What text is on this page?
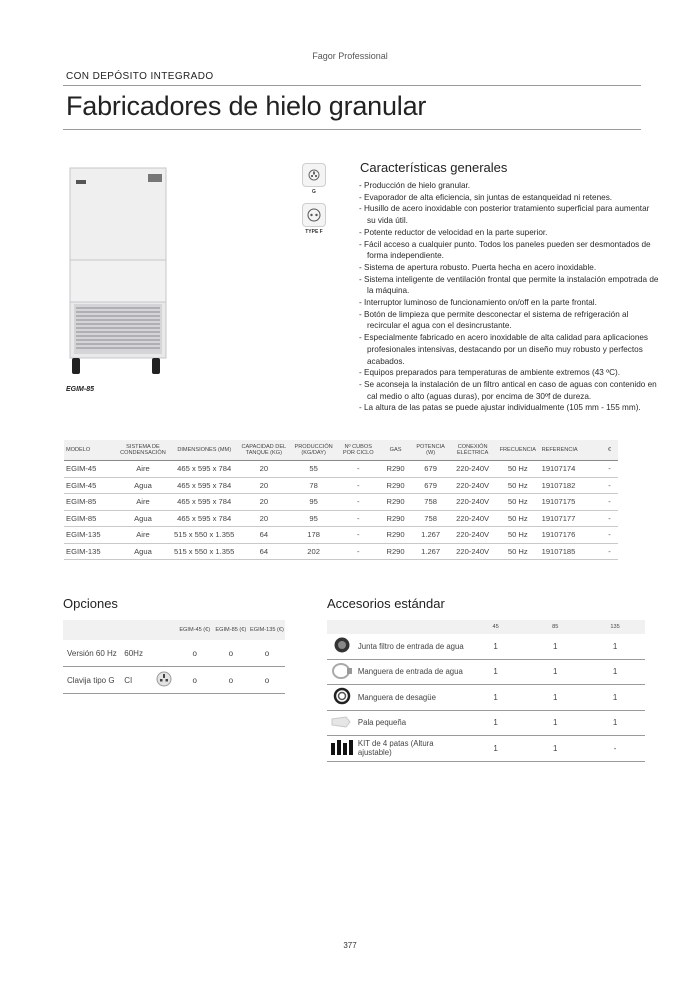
Fagor Professional
CON DEPÓSITO INTEGRADO
Fabricadores de hielo granular
EGIM-85
G
TYPE F
Características generales
- Producción de hielo granular.
- Evaporador de alta eficiencia, sin juntas de estanqueidad ni retenes.
- Husillo de acero inoxidable con posterior tratamiento superficial para aumentar su vida útil.
- Potente reductor de velocidad en la parte superior.
- Fácil acceso a cualquier punto. Todos los paneles pueden ser desmontados de forma independiente.
- Sistema de apertura robusto. Puerta hecha en acero inoxidable.
- Sistema inteligente de ventilación frontal que permite la instalación empotrada de la máquina.
- Interruptor luminoso de funcionamiento on/off en la parte frontal.
- Botón de limpieza que permite desconectar el sistema de refrigeración al recircular el agua con el desincrustante.
- Especialmente fabricado en acero inoxidable de alta calidad para aplicaciones profesionales intensivas, destacando por un diseño muy robusto y perfectos acabados.
- Equipos preparados para temperaturas de ambiente extremos (43 ºC).
- Se aconseja la instalación de un filtro antical en caso de aguas con contenido en cal medio o alto (aguas duras), por encima de 30ºf de dureza.
- La altura de las patas se puede ajustar individualmente (105 mm - 155 mm).
MODELO	SISTEMA DE CONDENSACIÓN	DIMENSIONES (MM)	CAPACIDAD DEL TANQUE (KG)	PRODUCCIÓN (KG/DAY)	Nº CUBOS POR CICLO	GAS	POTENCIA (W)	CONEXIÓN ELÉCTRICA	FRECUENCIA	REFERENCIA	€
EGIM-45	Aire	465 x 595 x 784	20	55	-	R290	679	220-240V	50 Hz	19107174	-
EGIM-45	Agua	465 x 595 x 784	20	78	-	R290	679	220-240V	50 Hz	19107182	-
EGIM-85	Aire	465 x 595 x 784	20	95	-	R290	758	220-240V	50 Hz	19107175	-
EGIM-85	Agua	465 x 595 x 784	20	95	-	R290	758	220-240V	50 Hz	19107177	-
EGIM-135	Aire	515 x 550 x 1.355	64	178	-	R290	1.267	220-240V	50 Hz	19107176	-
EGIM-135	Agua	515 x 550 x 1.355	64	202	-	R290	1.267	220-240V	50 Hz	19107185	-
Opciones
			EGIM-45 (€)	EGIM-85 (€)	EGIM-135 (€)
Versión 60 Hz	60Hz		o	o	o
Clavija tipo G	CI		o	o	o
Accesorios estándar
		45	85	135
	Junta filtro de entrada de agua	1	1	1
	Manguera de entrada de agua	1	1	1
	Manguera de desagüe	1	1	1
	Pala pequeña	1	1	1
	KIT de 4 patas (Altura ajustable)	1	1	-
377
